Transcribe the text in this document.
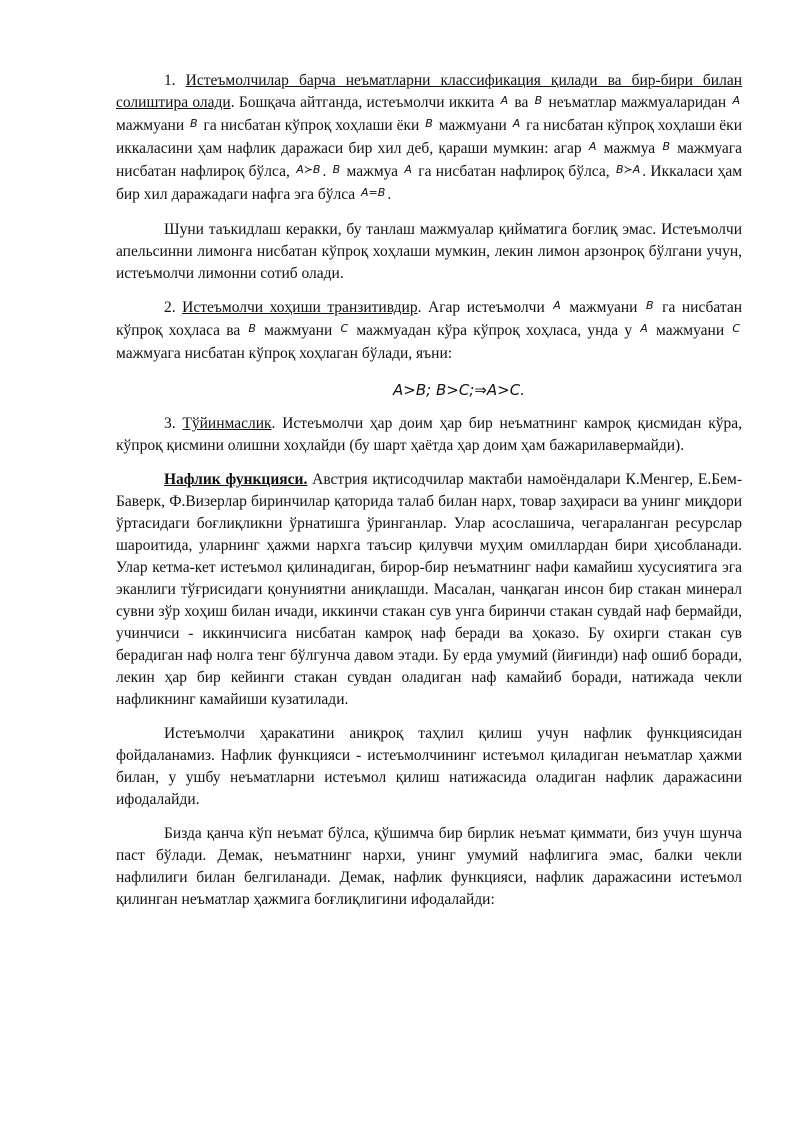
1. Истеъмолчилар барча неъматларни классификация қилади ва бир-бири билан солиштира олади. Бошқача айтганда, истеъмолчи иккита A ва B неъматлар мажмуаларидан A мажмуани B га нисбатан кўпроқ хоҳлаши ёки B мажмуани A га нисбатан кўпроқ хоҳлаши ёки иккаласини ҳам нафлик даражаси бир хил деб, қараши мумкин: агар A мажмуа B мажмуага нисбатан нафлироқ бўлса, A≻B . B мажмуа A га нисбатан нафлироқ бўлса, B≻A . Иккаласи ҳам бир хил даражадаги нафга эга бўлса A=B .

Шуни таъкидлаш керакки, бу танлаш мажмуалар қийматига боғлиқ эмас. Истеъмолчи апельсинни лимонга нисбатан кўпроқ хоҳлаши мумкин, лекин лимон арзонроқ бўлгани учун, истеъмолчи лимонни сотиб олади.

2. Истеъмолчи хоҳиши транзитивдир. Агар истеъмолчи A мажмуани B га нисбатан кўпроқ хоҳласа ва B мажмуани C мажмуадан кўра кўпроқ хоҳласа, унда у A мажмуани C мажмуага нисбатан кўпроқ хоҳлаган бўлади, яъни:

A>B; B>C;⇒A>C.

3. Тўйинмаслик. Истеъмолчи ҳар доим ҳар бир неъматнинг камроқ қисмидан кўра, кўпроқ қисмини олишни хоҳлайди (бу шарт ҳаётда ҳар доим ҳам бажарилавермайди).

Нафлик функцияси. Австрия иқтисодчилар мактаби намоёндалари К.Менгер, Е.Бем-Баверк, Ф.Визерлар биринчилар қаторида талаб билан нарх, товар заҳираси ва унинг миқдори ўртасидаги боғлиқликни ўрнатишга ўринганлар. Улар асослашича, чегараланган ресурслар шароитида, уларнинг ҳажми нархга таъсир қилувчи муҳим омиллардан бири ҳисобланади. Улар кетма-кет истеъмол қилинадиган, бирор-бир неъматнинг нафи камайиш хусусиятига эга эканлиги тўғрисидаги қонуниятни аниқлашди. Масалан, чанқаган инсон бир стакан минерал сувни зўр хоҳиш билан ичади, иккинчи стакан сув унга биринчи стакан сувдай наф бермайди, учинчиси - иккинчисига нисбатан камроқ наф беради ва ҳоказо. Бу охирги стакан сув берадиган наф нолга тенг бўлгунча давом этади. Бу ерда умумий (йиғинди) наф ошиб боради, лекин ҳар бир кейинги стакан сувдан оладиган наф камайиб боради, натижада чекли нафликнинг камайиши кузатилади.

Истеъмолчи ҳаракатини аниқроқ таҳлил қилиш учун нафлик функциясидан фойдаланамиз. Нафлик функцияси - истеъмолчининг истеъмол қиладиган неъматлар ҳажми билан, у ушбу неъматларни истеъмол қилиш натижасида оладиган нафлик даражасини ифодалайди.

Бизда қанча кўп неъмат бўлса, қўшимча бир бирлик неъмат қиммати, биз учун шунча паст бўлади. Демак, неъматнинг нархи, унинг умумий нафлигига эмас, балки чекли нафлилиги билан белгиланади. Демак, нафлик функцияси, нафлик даражасини истеъмол қилинган неъматлар ҳажмига боғлиқлигини ифодалайди:
